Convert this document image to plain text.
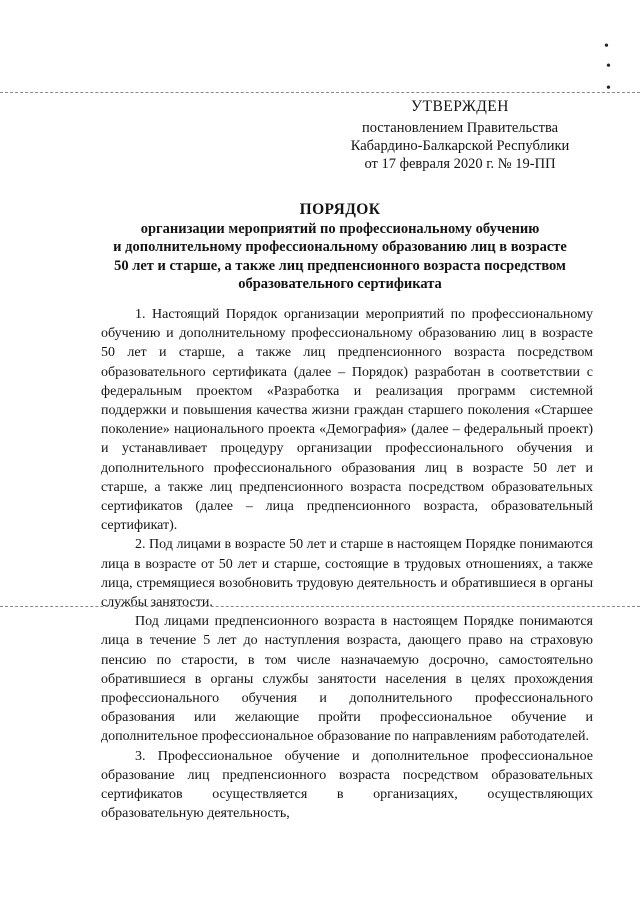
•
•
•
УТВЕРЖДЕН
постановлением Правительства
Кабардино-Балкарской Республики
от 17 февраля 2020 г. № 19-ПП
ПОРЯДОК
организации мероприятий по профессиональному обучению
и дополнительному профессиональному образованию лиц в возрасте
50 лет и старше, а также лиц предпенсионного возраста посредством
образовательного сертификата

1. Настоящий Порядок организации мероприятий по профессиональному обучению и дополнительному профессиональному образованию лиц в возрасте 50 лет и старше, а также лиц предпенсионного возраста посредством образовательного сертификата (далее – Порядок) разработан в соответствии с федеральным проектом «Разработка и реализация программ системной поддержки и повышения качества жизни граждан старшего поколения «Старшее поколение» национального проекта «Демография» (далее – федеральный проект) и устанавливает процедуру организации профессионального обучения и дополнительного профессионального образования лиц в возрасте 50 лет и старше, а также лиц предпенсионного возраста посредством образовательных сертификатов (далее – лица предпенсионного возраста, образовательный сертификат).

2. Под лицами в возрасте 50 лет и старше в настоящем Порядке понимаются лица в возрасте от 50 лет и старше, состоящие в трудовых отношениях, а также лица, стремящиеся возобновить трудовую деятельность и обратившиеся в органы службы занятости.

Под лицами предпенсионного возраста в настоящем Порядке понимаются лица в течение 5 лет до наступления возраста, дающего право на страховую пенсию по старости, в том числе назначаемую досрочно, самостоятельно обратившиеся в органы службы занятости населения в целях прохождения профессионального обучения и дополнительного профессионального образования или желающие пройти профессиональное обучение и дополнительное профессиональное образование по направлениям работодателей.

3. Профессиональное обучение и дополнительное профессиональное образование лиц предпенсионного возраста посредством образовательных сертификатов осуществляется в организациях, осуществляющих образовательную деятельность,
